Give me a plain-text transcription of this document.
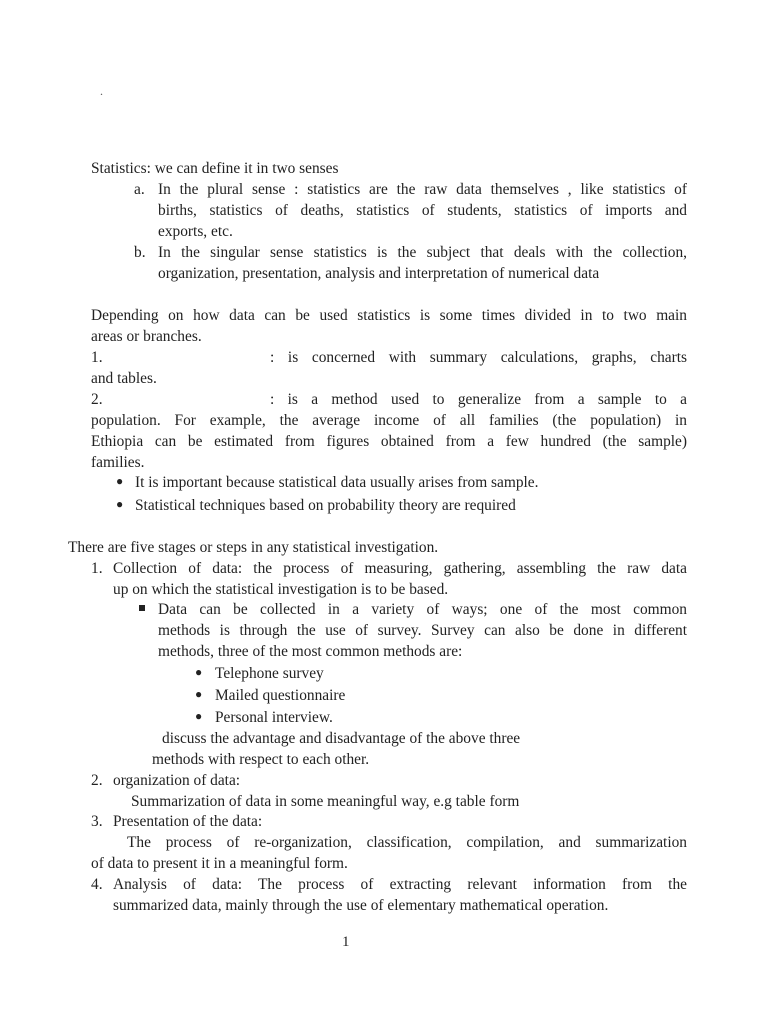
.
Statistics: we can define it in two senses
a. In the plural sense : statistics are the raw data themselves , like statistics of
births, statistics of deaths, statistics of students, statistics of imports and
exports, etc.
b. In the singular sense statistics is the subject that deals with the collection,
organization, presentation, analysis and interpretation of numerical data
Depending on how data can be used statistics is some times divided in to two main
areas or branches.
1.	: is concerned with summary calculations, graphs, charts
and tables.
2.	: is a method used to generalize from a sample to a
population. For example, the average income of all families (the population) in
Ethiopia can be estimated from figures obtained from a few hundred (the sample)
families.
● It is important because statistical data usually arises from sample.
● Statistical techniques based on probability theory are required
There are five stages or steps in any statistical investigation.
1. Collection of data: the process of measuring, gathering, assembling the raw data
up on which the statistical investigation is to be based.
Data can be collected in a variety of ways; one of the most common
methods is through the use of survey. Survey can also be done in different
methods, three of the most common methods are:
● Telephone survey
● Mailed questionnaire
● Personal interview.
discuss the advantage and disadvantage of the above three
methods with respect to each other.
2. organization of data:
Summarization of data in some meaningful way, e.g table form
3. Presentation of the data:
The process of re-organization, classification, compilation, and summarization
of data to present it in a meaningful form.
4. Analysis of data: The process of extracting relevant information from the
summarized data, mainly through the use of elementary mathematical operation.
1
